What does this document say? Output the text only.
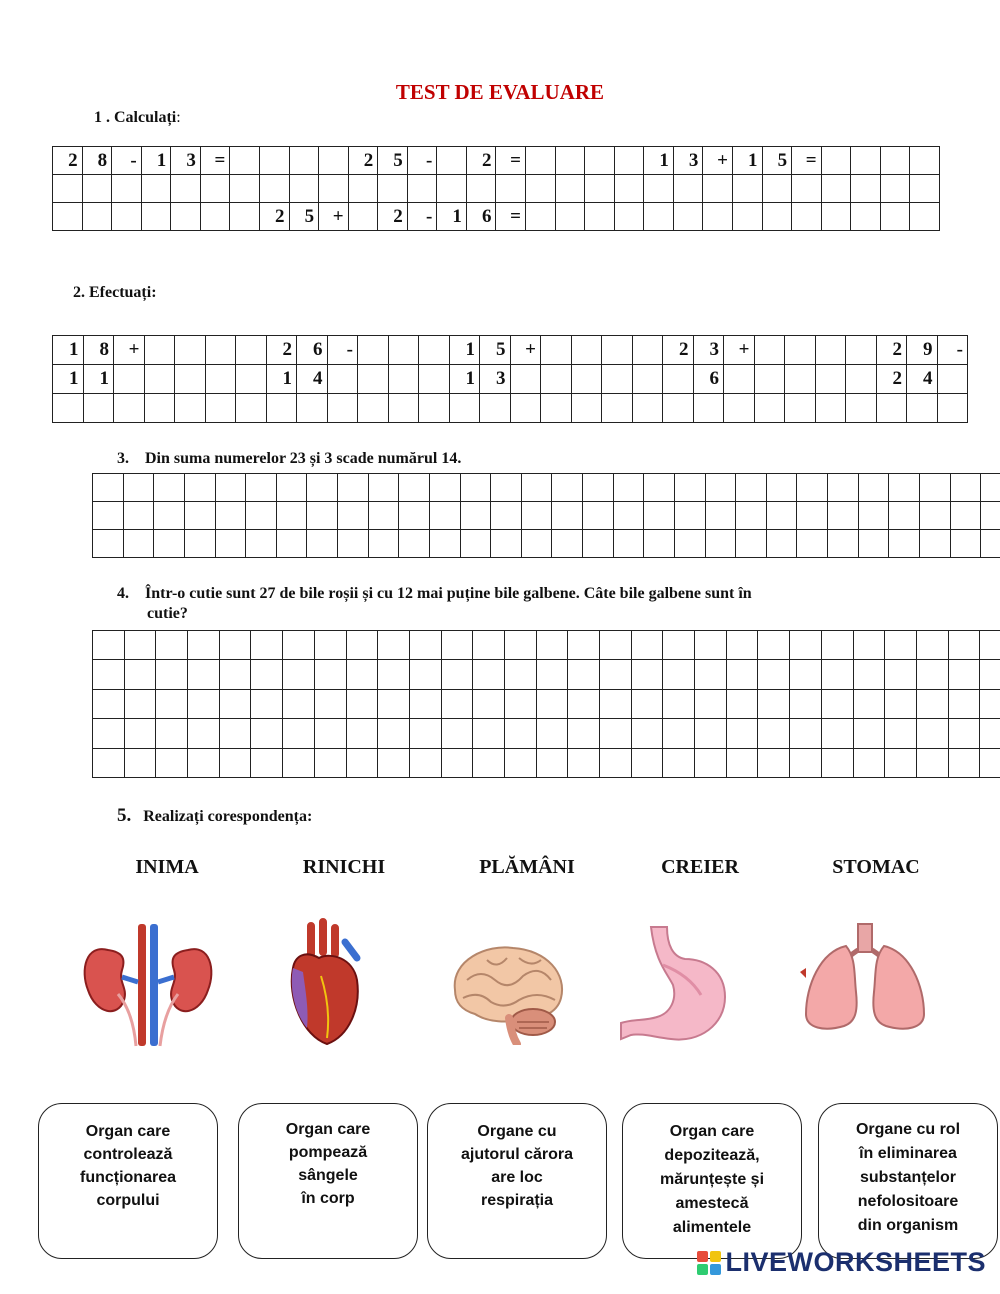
TEST DE EVALUARE
1 . Calculați:
2	8	-	1	3	=					2	5	-		2	=					1	3	+	1	5	=				

							2	5	+		2	-	1	6	=														
2. Efectuați:
1	8	+					2	6	-				1	5	+					2	3	+					2	9	-
1	1						1	4					1	3							6						2	4	

3. Din suma numerelor 23 și 3 scade numărul 14.

4. Într-o cutie sunt 27 de bile roșii și cu 12 mai puține bile galbene. Câte bile galbene sunt în
cutie?

5. Realizați corespondența:
INIMA	RINICHI	PLĂMÂNI	CREIER	STOMAC
Organ care
controlează
funcționarea
corpului
Organ care
pompează
sângele
în corp
Organe cu
ajutorul cărora
are loc
respirația
Organ care
depozitează,
mărunțește și
amestecă
alimentele
Organe cu rol
în eliminarea
substanțelor
nefolositoare
din organism
LIVEWORKSHEETS
